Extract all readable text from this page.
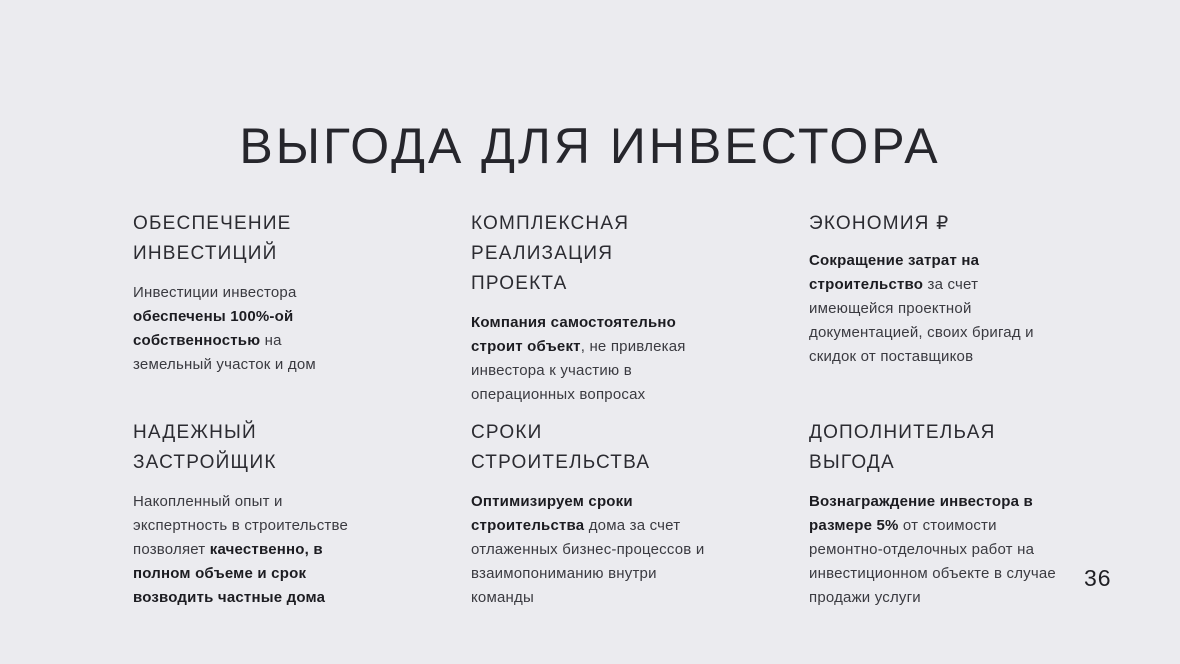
ВЫГОДА ДЛЯ ИНВЕСТОРА
ОБЕСПЕЧЕНИЕ
ИНВЕСТИЦИЙ

Инвестиции инвестора обеспечены 100%-ой собственностью на земельный участок и дом

КОМПЛЕКСНАЯ
РЕАЛИЗАЦИЯ ПРОЕКТА

Компания самостоятельно строит объект, не привлекая инвестора к участию в операционных вопросах

ЭКОНОМИЯ ₽

Сокращение затрат на строительство за счет имеющейся проектной документацией, своих бригад и скидок от поставщиков

НАДЕЖНЫЙ
ЗАСТРОЙЩИК

Накопленный опыт и экспертность в строительстве позволяет качественно, в полном объеме и срок возводить частные дома

СРОКИ
СТРОИТЕЛЬСТВА

Оптимизируем сроки строительства дома за счет отлаженных бизнес-процессов и взаимопониманию внутри команды

ДОПОЛНИТЕЛЬАЯ
ВЫГОДА

Вознаграждение инвестора в размере 5% от стоимости ремонтно-отделочных работ на инвестиционном объекте в случае продажи услуги

36
